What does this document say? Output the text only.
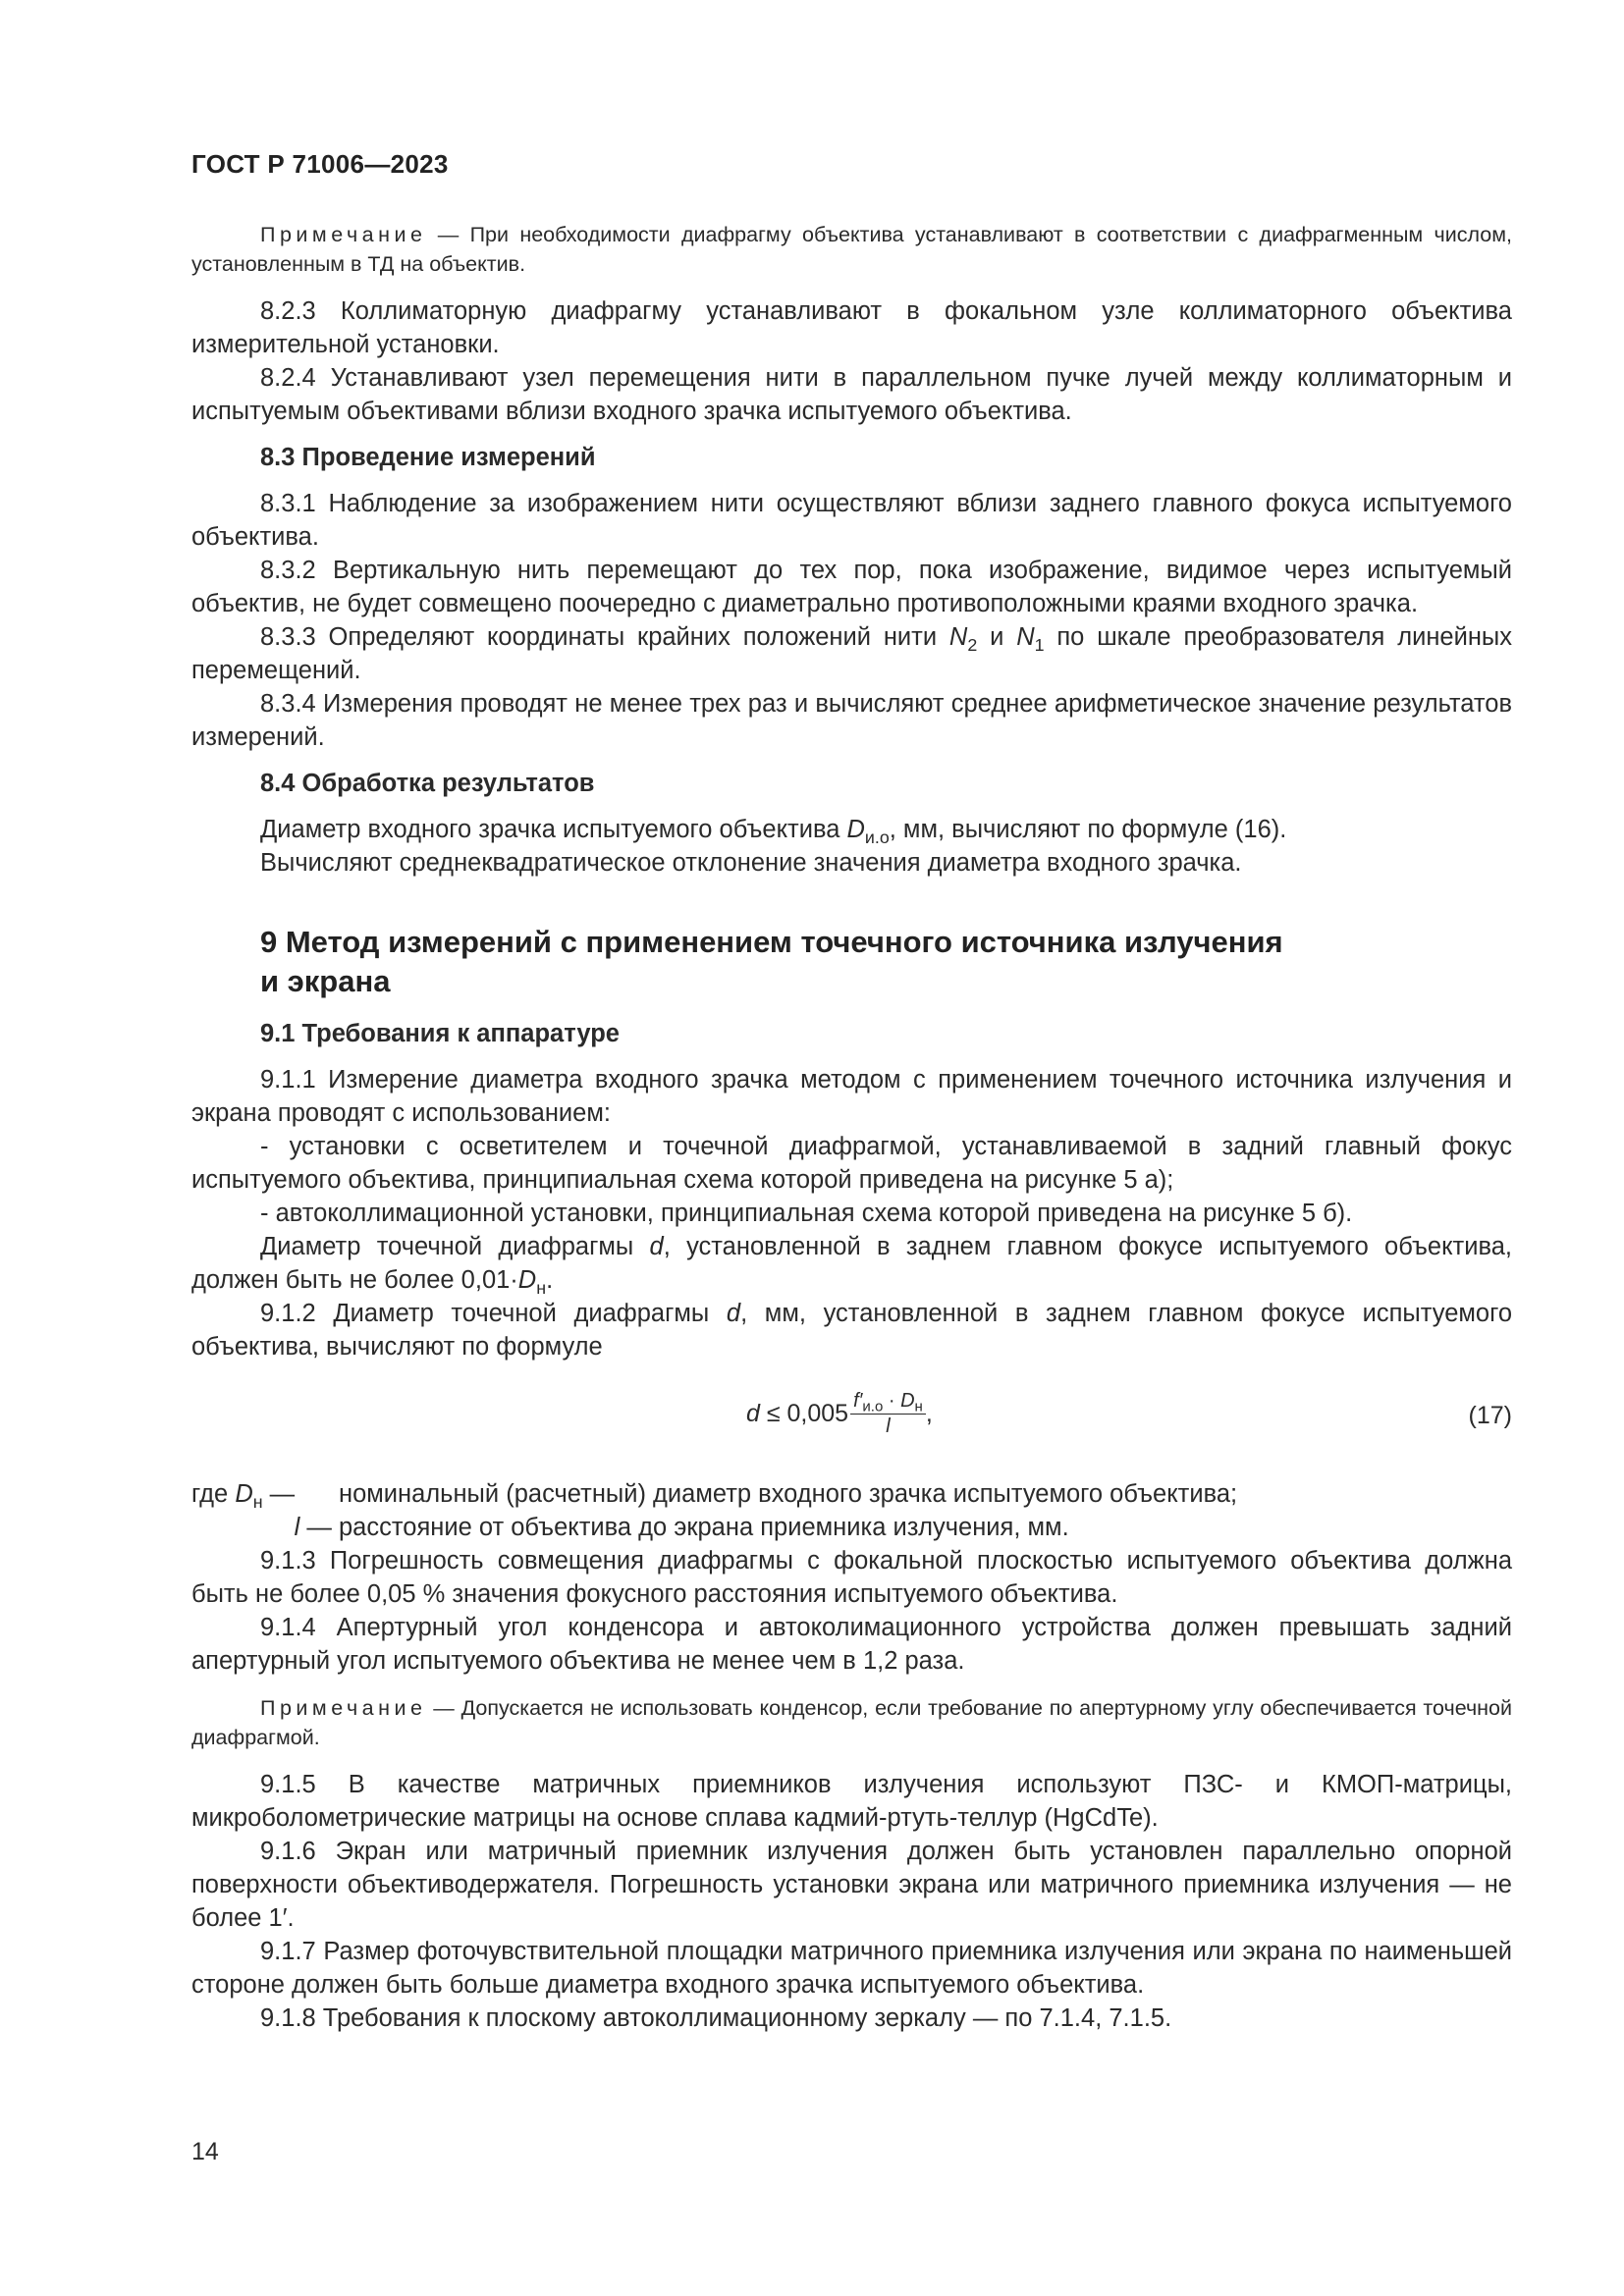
ГОСТ Р 71006—2023

Примечание — При необходимости диафрагму объектива устанавливают в соответствии с диафрагменным числом, установленным в ТД на объектив.

8.2.3 Коллиматорную диафрагму устанавливают в фокальном узле коллиматорного объектива измерительной установки.

8.2.4 Устанавливают узел перемещения нити в параллельном пучке лучей между коллиматорным и испытуемым объективами вблизи входного зрачка испытуемого объектива.

8.3 Проведение измерений

8.3.1 Наблюдение за изображением нити осуществляют вблизи заднего главного фокуса испытуемого объектива.

8.3.2 Вертикальную нить перемещают до тех пор, пока изображение, видимое через испытуемый объектив, не будет совмещено поочередно с диаметрально противоположными краями входного зрачка.

8.3.3 Определяют координаты крайних положений нити $N_2$ и $N_1$ по шкале преобразователя линейных перемещений.

8.3.4 Измерения проводят не менее трех раз и вычисляют среднее арифметическое значение результатов измерений.

8.4 Обработка результатов

Диаметр входного зрачка испытуемого объектива $D_{и.о}$, мм, вычисляют по формуле (16).

Вычисляют среднеквадратическое отклонение значения диаметра входного зрачка.

9 Метод измерений с применением точечного источника излучения
и экрана

9.1 Требования к аппаратуре

9.1.1 Измерение диаметра входного зрачка методом с применением точечного источника излучения и экрана проводят с использованием:

- установки с осветителем и точечной диафрагмой, устанавливаемой в задний главный фокус испытуемого объектива, принципиальная схема которой приведена на рисунке 5 а);

- автоколлимационной установки, принципиальная схема которой приведена на рисунке 5 б).

Диаметр точечной диафрагмы d, установленной в заднем главном фокусе испытуемого объектива, должен быть не более $0,01\cdot D_н$.

9.1.2 Диаметр точечной диафрагмы d, мм, установленной в заднем главном фокусе испытуемого объектива, вычисляют по формуле

$d \le 0,005 \frac{f'_{и.о} \cdot D_н}{l}$ ,	(17)
где $D_н$ —	номинальный (расчетный) диаметр входного зрачка испытуемого объектива;
l — расстояние от объектива до экрана приемника излучения, мм.

9.1.3 Погрешность совмещения диафрагмы с фокальной плоскостью испытуемого объектива должна быть не более 0,05 % значения фокусного расстояния испытуемого объектива.

9.1.4 Апертурный угол конденсора и автоколимационного устройства должен превышать задний апертурный угол испытуемого объектива не менее чем в 1,2 раза.

Примечание — Допускается не использовать конденсор, если требование по апертурному углу обеспечивается точечной диафрагмой.

9.1.5 В качестве матричных приемников излучения используют ПЗС- и КМОП-матрицы, микроболометрические матрицы на основе сплава кадмий-ртуть-теллур (HgCdTe).

9.1.6 Экран или матричный приемник излучения должен быть установлен параллельно опорной поверхности объективодержателя. Погрешность установки экрана или матричного приемника излучения — не более 1′.

9.1.7 Размер фоточувствительной площадки матричного приемника излучения или экрана по наименьшей стороне должен быть больше диаметра входного зрачка испытуемого объектива.

9.1.8 Требования к плоскому автоколлимационному зеркалу — по 7.1.4, 7.1.5.

14
